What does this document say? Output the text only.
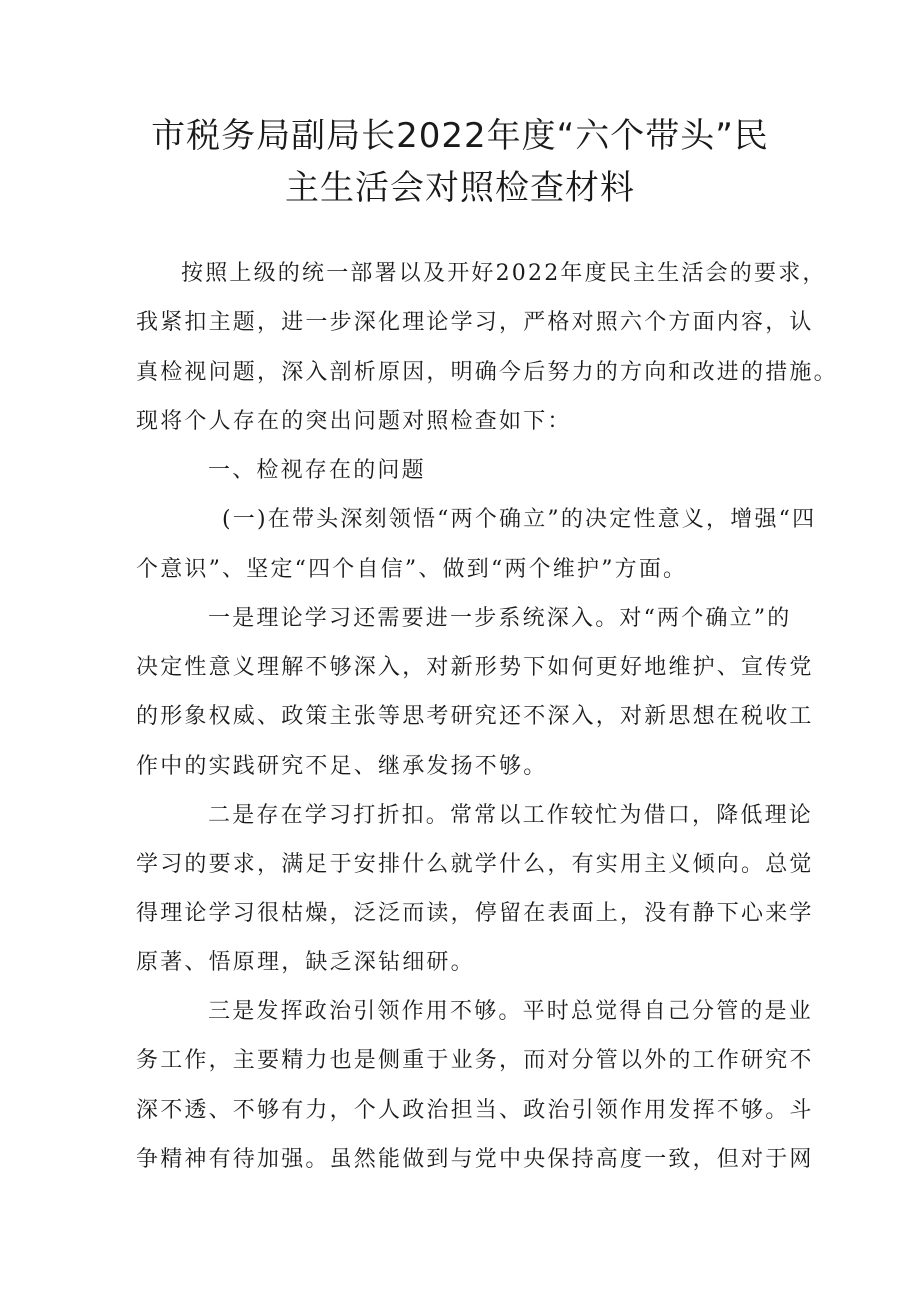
市税务局副局长2022年度“六个带头”民
主生活会对照检查材料
按照上级的统一部署以及开好2022年度民主生活会的要求，
我紧扣主题，进一步深化理论学习，严格对照六个方面内容，认
真检视问题，深入剖析原因，明确今后努力的方向和改进的措施。
现将个人存在的突出问题对照检查如下：
一、检视存在的问题
(一)在带头深刻领悟“两个确立”的决定性意义，增强“四
个意识”、坚定“四个自信”、做到“两个维护”方面。
一是理论学习还需要进一步系统深入。对“两个确立”的
决定性意义理解不够深入，对新形势下如何更好地维护、宣传党
的形象权威、政策主张等思考研究还不深入，对新思想在税收工
作中的实践研究不足、继承发扬不够。
二是存在学习打折扣。常常以工作较忙为借口，降低理论
学习的要求，满足于安排什么就学什么，有实用主义倾向。总觉
得理论学习很枯燥，泛泛而读，停留在表面上，没有静下心来学
原著、悟原理，缺乏深钻细研。
三是发挥政治引领作用不够。平时总觉得自己分管的是业
务工作，主要精力也是侧重于业务，而对分管以外的工作研究不
深不透、不够有力，个人政治担当、政治引领作用发挥不够。斗
争精神有待加强。虽然能做到与党中央保持高度一致，但对于网
